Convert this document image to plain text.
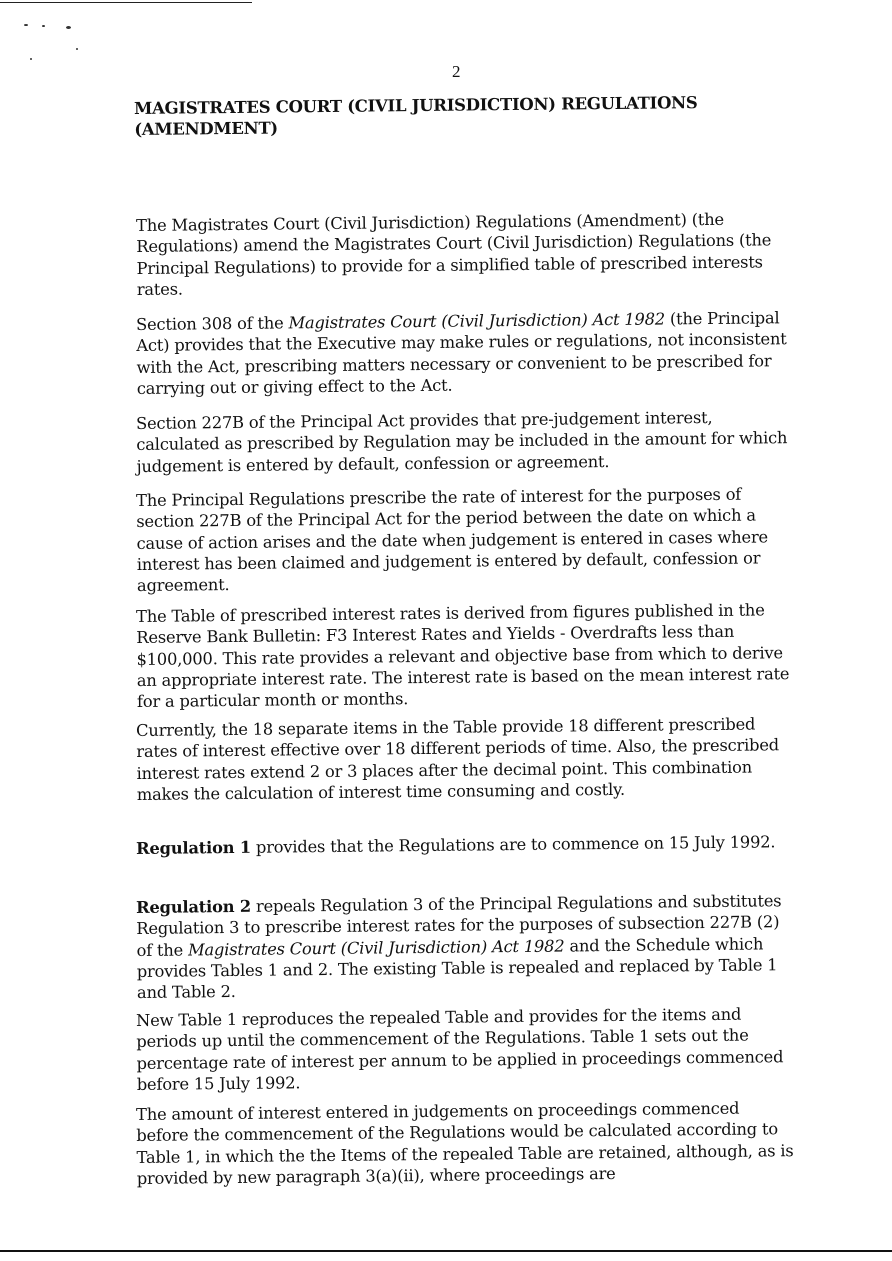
2
MAGISTRATES COURT (CIVIL JURISDICTION) REGULATIONS
(AMENDMENT)

The Magistrates Court (Civil Jurisdiction) Regulations (Amendment) (the Regulations) amend the Magistrates Court (Civil Jurisdiction) Regulations (the Principal Regulations) to provide for a simplified table of prescribed interests rates.

Section 308 of the Magistrates Court (Civil Jurisdiction) Act 1982 (the Principal Act) provides that the Executive may make rules or regulations, not inconsistent with the Act, prescribing matters necessary or convenient to be prescribed for carrying out or giving effect to the Act.

Section 227B of the Principal Act provides that pre-judgement interest, calculated as prescribed by Regulation may be included in the amount for which judgement is entered by default, confession or agreement.

The Principal Regulations prescribe the rate of interest for the purposes of section 227B of the Principal Act for the period between the date on which a cause of action arises and the date when judgement is entered in cases where interest has been claimed and judgement is entered by default, confession or agreement.

The Table of prescribed interest rates is derived from figures published in the Reserve Bank Bulletin: F3 Interest Rates and Yields - Overdrafts less than $100,000. This rate provides a relevant and objective base from which to derive an appropriate interest rate. The interest rate is based on the mean interest rate for a particular month or months.

Currently, the 18 separate items in the Table provide 18 different prescribed rates of interest effective over 18 different periods of time. Also, the prescribed interest rates extend 2 or 3 places after the decimal point. This combination makes the calculation of interest time consuming and costly.

Regulation 1 provides that the Regulations are to commence on 15 July 1992.

Regulation 2 repeals Regulation 3 of the Principal Regulations and substitutes Regulation 3 to prescribe interest rates for the purposes of subsection 227B (2) of the Magistrates Court (Civil Jurisdiction) Act 1982 and the Schedule which provides Tables 1 and 2. The existing Table is repealed and replaced by Table 1 and Table 2.

New Table 1 reproduces the repealed Table and provides for the items and periods up until the commencement of the Regulations. Table 1 sets out the percentage rate of interest per annum to be applied in proceedings commenced before 15 July 1992.

The amount of interest entered in judgements on proceedings commenced before the commencement of the Regulations would be calculated according to Table 1, in which the the Items of the repealed Table are retained, although, as is provided by new paragraph 3(a)(ii), where proceedings are
